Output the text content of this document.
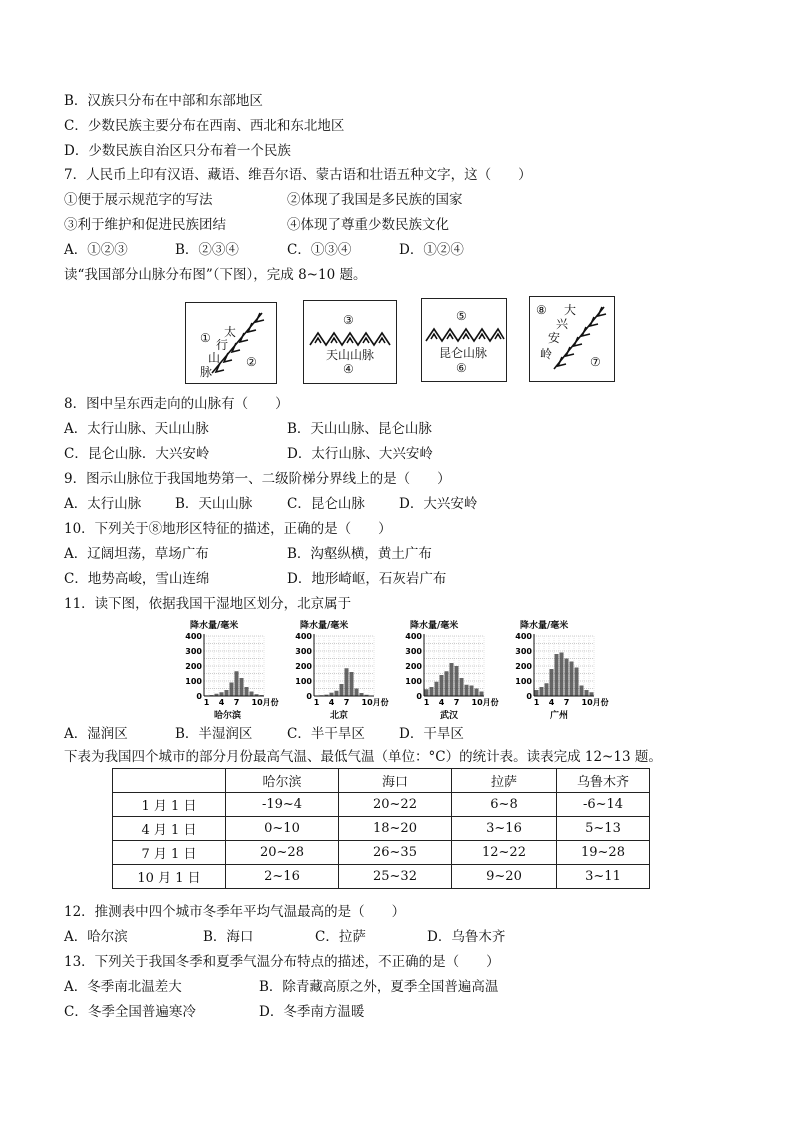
B．汉族只分布在中部和东部地区
C．少数民族主要分布在西南、西北和东北地区
D．少数民族自治区只分布着一个民族
7．人民币上印有汉语、藏语、维吾尔语、蒙古语和壮语五种文字，这（　　）
①便于展示规范字的写法	②体现了我国是多民族的国家
③利于维护和促进民族团结	④体现了尊重少数民族文化
A．①②③	B．②③④	C．①③④	D．①②④
读“我国部分山脉分布图”（下图），完成 8~10 题。
①
②
太
行
山
脉
③
天山山脉
④
⑤
昆仑山脉
⑥
⑧
⑦
大
兴
安
岭
8．图中呈东西走向的山脉有（　　）
A．太行山脉、天山山脉	B．天山山脉、昆仑山脉
C．昆仑山脉．大兴安岭	D．太行山脉、大兴安岭
9．图示山脉位于我国地势第一、二级阶梯分界线上的是（　　）
A．太行山脉	B．天山山脉	C．昆仑山脉	D．大兴安岭
10．下列关于⑧地形区特征的描述，正确的是（　　）
A．辽阔坦荡，草场广布	B．沟壑纵横，黄土广布
C．地势高峻，雪山连绵	D．地形崎岖，石灰岩广布
11．读下图，依据我国干湿地区划分，北京属于
降水量/毫米
400
300
200
100
0
1 4 7 10月份
哈尔滨
降水量/毫米
400
300
200
100
0
1 4 7 10月份
北京
降水量/毫米
400
300
200
100
0
1 4 7 10月份
武汉
降水量/毫米
400
300
200
100
0
1 4 7 10月份
广州
A．湿润区	B．半湿润区	C．半干旱区	D．干旱区
下表为我国四个城市的部分月份最高气温、最低气温（单位：°C）的统计表。读表完成 12~13 题。
	哈尔滨	海口	拉萨	乌鲁木齐
1 月 1 日	-19~4	20~22	6~8	-6~14
4 月 1 日	0~10	18~20	3~16	5~13
7 月 1 日	20~28	26~35	12~22	19~28
10 月 1 日	2~16	25~32	9~20	3~11
12．推测表中四个城市冬季年平均气温最高的是（　　）
A．哈尔滨	B．海口	C．拉萨	D．乌鲁木齐
13．下列关于我国冬季和夏季气温分布特点的描述，不正确的是（　　）
A．冬季南北温差大	B．除青藏高原之外，夏季全国普遍高温
C．冬季全国普遍寒冷	D．冬季南方温暖
